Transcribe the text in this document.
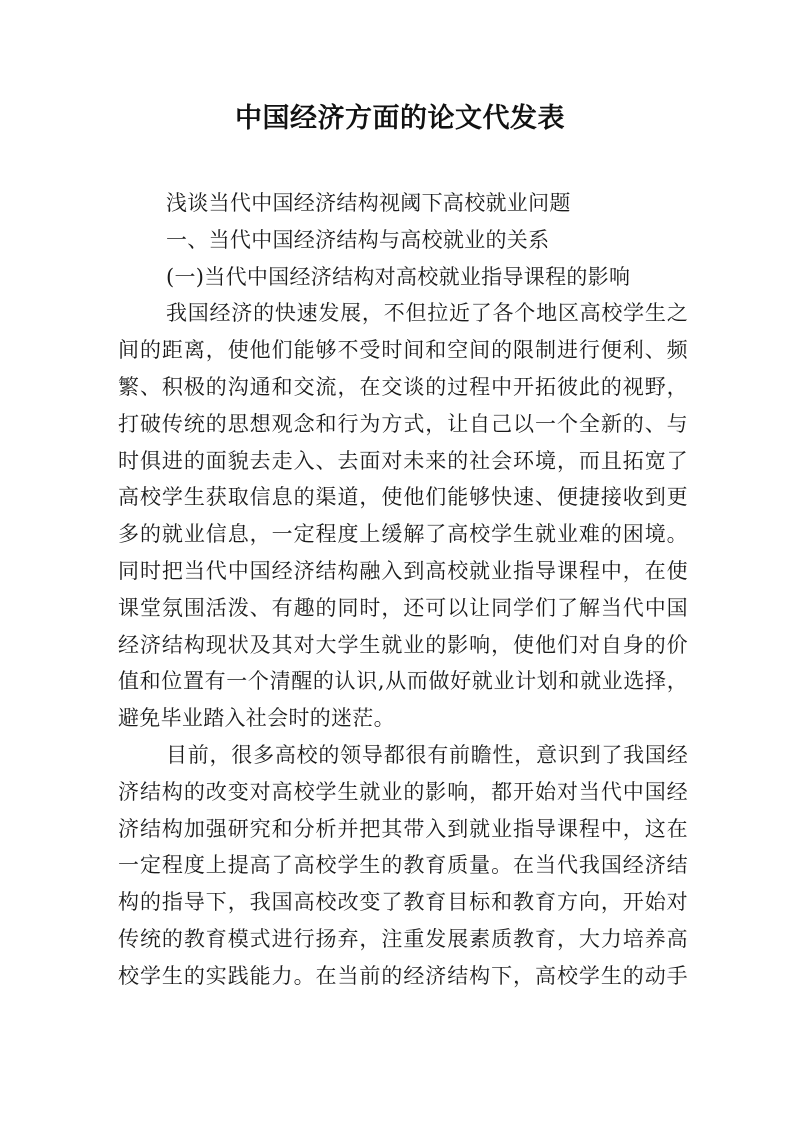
中国经济方面的论文代发表
浅谈当代中国经济结构视阈下高校就业问题
一、当代中国经济结构与高校就业的关系
(一)当代中国经济结构对高校就业指导课程的影响
我国经济的快速发展，不但拉近了各个地区高校学生之
间的距离，使他们能够不受时间和空间的限制进行便利、频
繁、积极的沟通和交流，在交谈的过程中开拓彼此的视野，
打破传统的思想观念和行为方式，让自己以一个全新的、与
时俱进的面貌去走入、去面对未来的社会环境，而且拓宽了
高校学生获取信息的渠道，使他们能够快速、便捷接收到更
多的就业信息，一定程度上缓解了高校学生就业难的困境。
同时把当代中国经济结构融入到高校就业指导课程中，在使
课堂氛围活泼、有趣的同时，还可以让同学们了解当代中国
经济结构现状及其对大学生就业的影响，使他们对自身的价
值和位置有一个清醒的认识,从而做好就业计划和就业选择，
避免毕业踏入社会时的迷茫。
目前，很多高校的领导都很有前瞻性，意识到了我国经
济结构的改变对高校学生就业的影响，都开始对当代中国经
济结构加强研究和分析并把其带入到就业指导课程中，这在
一定程度上提高了高校学生的教育质量。在当代我国经济结
构的指导下，我国高校改变了教育目标和教育方向，开始对
传统的教育模式进行扬弃，注重发展素质教育，大力培养高
校学生的实践能力。在当前的经济结构下，高校学生的动手
